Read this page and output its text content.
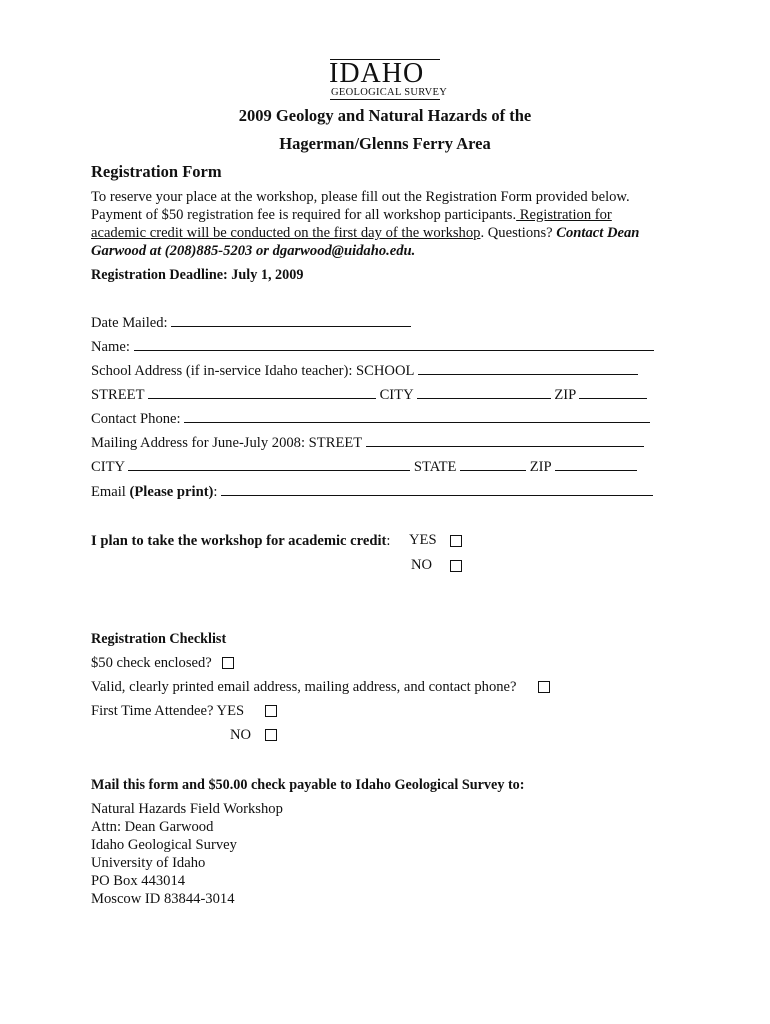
IDAHO
GEOLOGICAL SURVEY
2009 Geology and Natural Hazards of the
Hagerman/Glenns Ferry Area
Registration Form
To reserve your place at the workshop, please fill out the Registration Form provided below.
Payment of $50 registration fee is required for all workshop participants. Registration for
academic credit will be conducted on the first day of the workshop. Questions? Contact Dean
Garwood at (208)885-5203 or dgarwood@uidaho.edu.
Registration Deadline: July 1, 2009
Date Mailed:
Name:
School Address (if in-service Idaho teacher): SCHOOL
STREET	CITY	ZIP
Contact Phone:
Mailing Address for June-July 2008: STREET
CITY	STATE	ZIP
Email (Please print):
I plan to take the workshop for academic credit: YES
NO
Registration Checklist
$50 check enclosed?
Valid, clearly printed email address, mailing address, and contact phone?
First Time Attendee? YES
NO
Mail this form and $50.00 check payable to Idaho Geological Survey to:
Natural Hazards Field Workshop
Attn: Dean Garwood
Idaho Geological Survey
University of Idaho
PO Box 443014
Moscow ID 83844-3014
